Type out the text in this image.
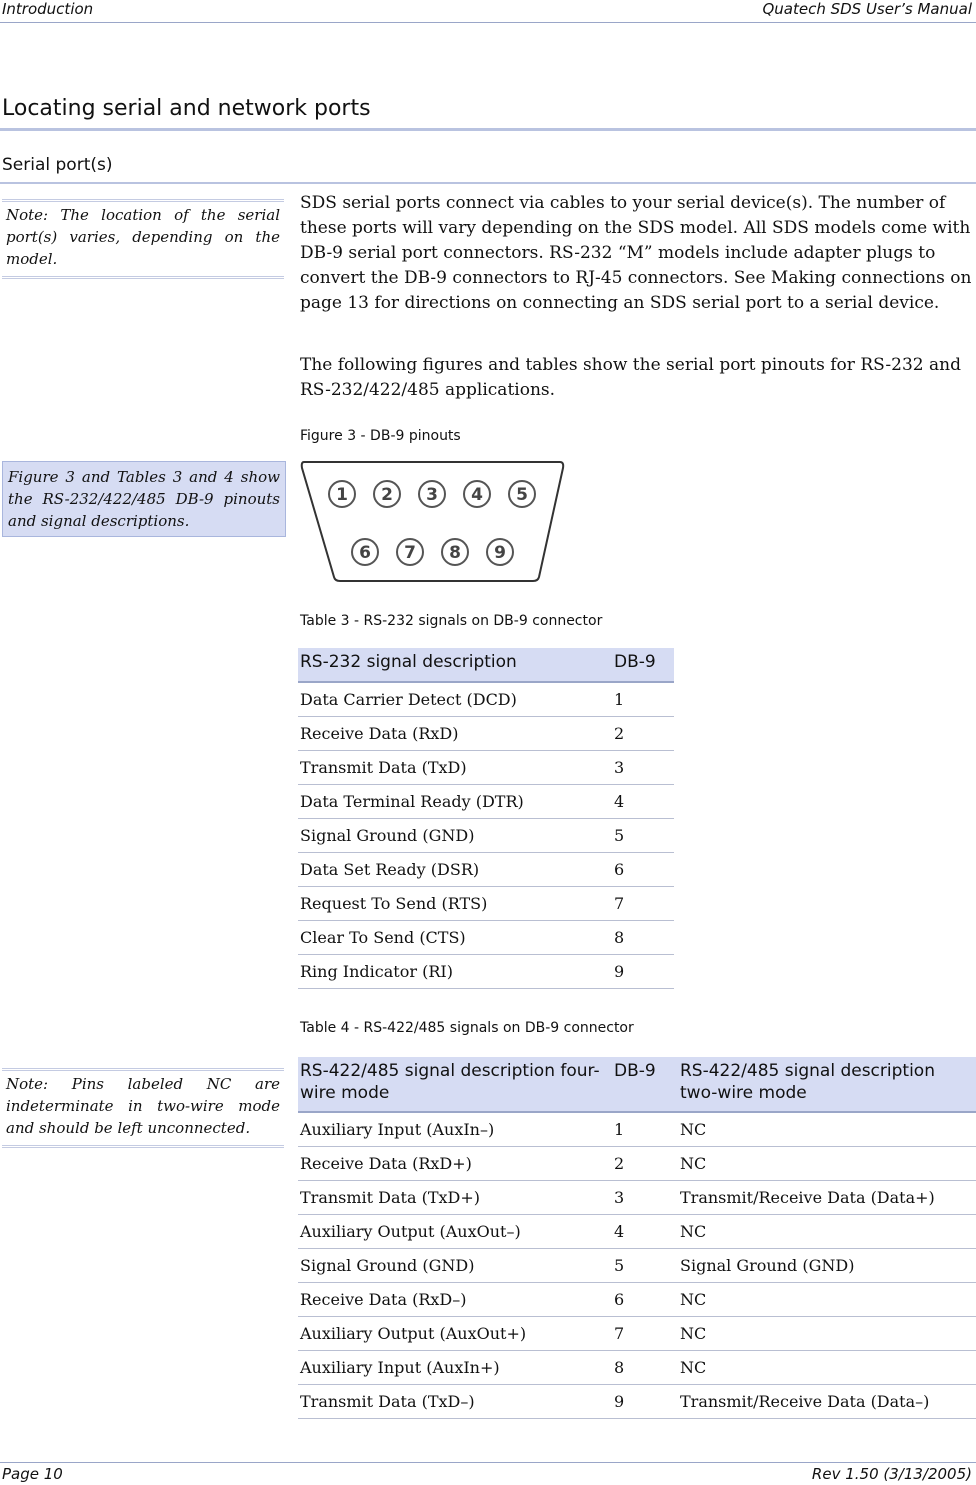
Introduction	Quatech SDS User’s Manual
Locating serial and network ports
Serial port(s)
Note: The location of the serial port(s) varies, depending on the model.
SDS serial ports connect via cables to your serial device(s). The number of these ports will vary depending on the SDS model. All SDS models come with DB-9 serial port connectors. RS-232 “M” models include adapter plugs to convert the DB-9 connectors to RJ-45 connectors. See Making connections on page 13 for directions on connecting an SDS serial port to a serial device.
The following figures and tables show the serial port pinouts for RS-232 and RS-232/422/485 applications.
Figure 3 - DB-9 pinouts
Figure 3 and Tables 3 and 4 show the RS-232/422/485 DB-9 pinouts and signal descriptions.
1 2 3 4 5
6 7 8 9
Table 3 - RS-232 signals on DB-9 connector
RS-232 signal description	DB-9
Data Carrier Detect (DCD)	1
Receive Data (RxD)	2
Transmit Data (TxD)	3
Data Terminal Ready (DTR)	4
Signal Ground (GND)	5
Data Set Ready (DSR)	6
Request To Send (RTS)	7
Clear To Send (CTS)	8
Ring Indicator (RI)	9
Table 4 - RS-422/485 signals on DB-9 connector
Note: Pins labeled NC are indeterminate in two-wire mode and should be left unconnected.
RS-422/485 signal description four-wire mode	DB-9	RS-422/485 signal description two-wire mode
Auxiliary Input (AuxIn–)	1	NC
Receive Data (RxD+)	2	NC
Transmit Data (TxD+)	3	Transmit/Receive Data (Data+)
Auxiliary Output (AuxOut–)	4	NC
Signal Ground (GND)	5	Signal Ground (GND)
Receive Data (RxD–)	6	NC
Auxiliary Output (AuxOut+)	7	NC
Auxiliary Input (AuxIn+)	8	NC
Transmit Data (TxD–)	9	Transmit/Receive Data (Data–)
Page 10	Rev 1.50 (3/13/2005)
